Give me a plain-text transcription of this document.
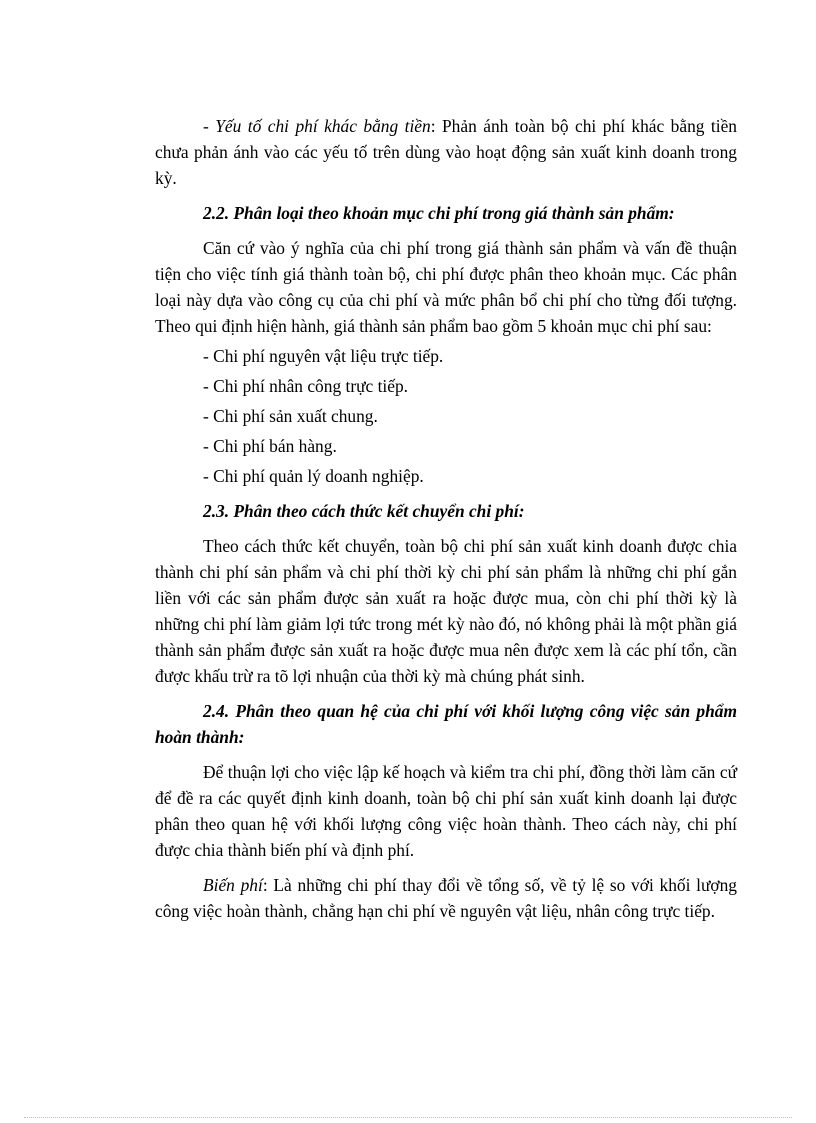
- Yếu tố chi phí khác bằng tiền: Phản ánh toàn bộ chi phí khác bằng tiền chưa phản ánh vào các yếu tố trên dùng vào hoạt động sản xuất kinh doanh trong kỳ.

2.2. Phân loại theo khoản mục chi phí trong giá thành sản phẩm:

Căn cứ vào ý nghĩa của chi phí trong giá thành sản phẩm và vấn đề thuận tiện cho việc tính giá thành toàn bộ, chi phí được phân theo khoản mục. Các phân loại này dựa vào công cụ của chi phí và mức phân bổ chi phí cho từng đối tượng. Theo qui định hiện hành, giá thành sản phẩm bao gồm 5 khoản mục chi phí sau:

- Chi phí nguyên vật liệu trực tiếp.

- Chi phí nhân công trực tiếp.

- Chi phí sản xuất chung.

- Chi phí bán hàng.

- Chi phí quản lý doanh nghiệp.

2.3. Phân theo cách thức kết chuyển chi phí:

Theo cách thức kết chuyển, toàn bộ chi phí sản xuất kinh doanh được chia thành chi phí sản phẩm và chi phí thời kỳ chi phí sản phẩm là những chi phí gắn liền với các sản phẩm được sản xuất ra hoặc được mua, còn chi phí thời kỳ là những chi phí làm giảm lợi tức trong mét kỳ nào đó, nó không phải là một phần giá thành sản phẩm được sản xuất ra hoặc được mua nên được xem là các phí tổn, cần được khấu trừ ra tõ lợi nhuận của thời kỳ mà chúng phát sinh.

2.4. Phân theo quan hệ của chi phí với khối lượng công việc sản phẩm hoàn thành:

Để thuận lợi cho việc lập kế hoạch và kiểm tra chi phí, đồng thời làm căn cứ để đề ra các quyết định kinh doanh, toàn bộ chi phí sản xuất kinh doanh lại được phân theo quan hệ với khối lượng công việc hoàn thành. Theo cách này, chi phí được chia thành biến phí và định phí.

Biến phí: Là những chi phí thay đổi về tổng số, về tỷ lệ so với khối lượng công việc hoàn thành, chẳng hạn chi phí về nguyên vật liệu, nhân công trực tiếp.
